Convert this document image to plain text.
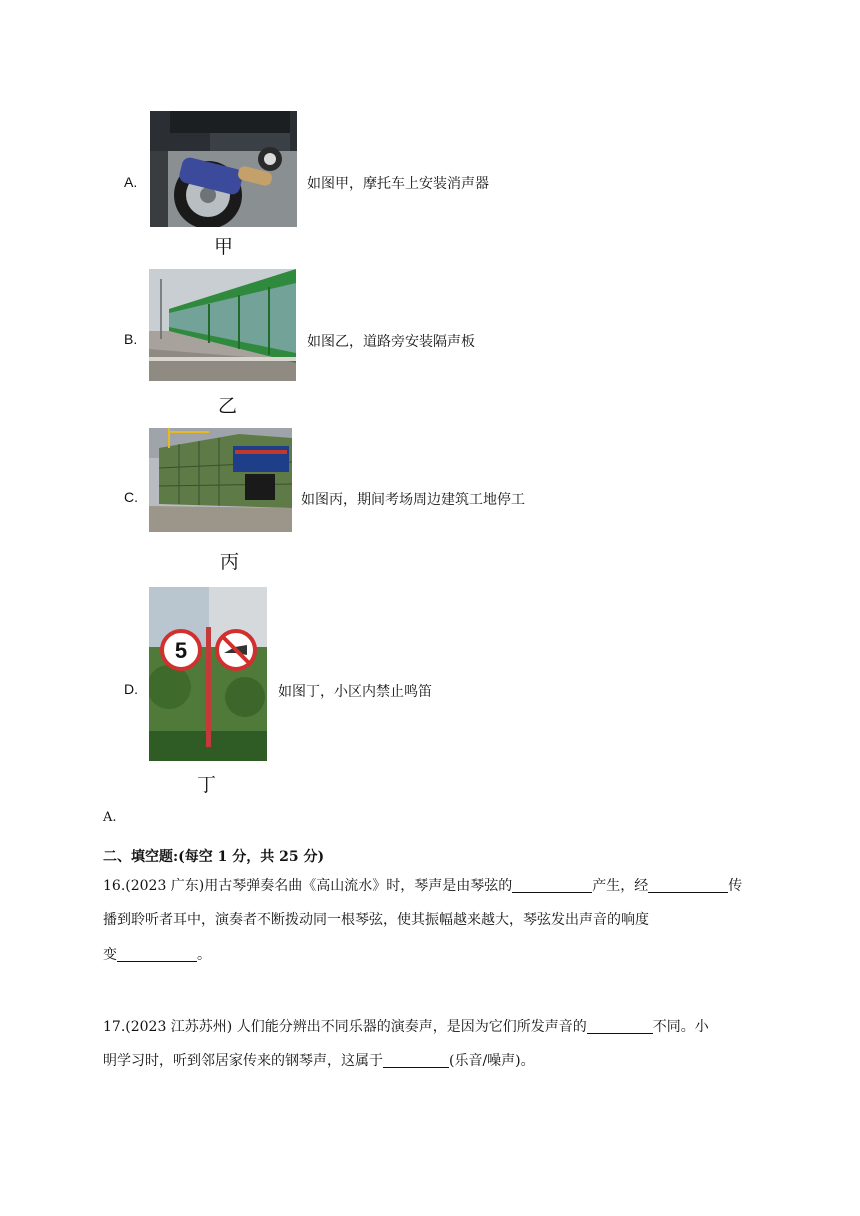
A.	如图甲，摩托车上安装消声器
甲
B.	如图乙，道路旁安装隔声板
乙
C.	如图丙，期间考场周边建筑工地停工
丙
D.
5
如图丁，小区内禁止鸣笛
丁
A.
二、填空题:(每空 1 分，共 25 分)
16.(2023 广东)用古琴弹奏名曲《高山流水》时，琴声是由琴弦的	产生，经	传
播到聆听者耳中，演奏者不断拨动同一根琴弦，使其振幅越来越大，琴弦发出声音的响度
变	。
17.(2023 江苏苏州) 人们能分辨出不同乐器的演奏声，是因为它们所发声音的	不同。小
明学习时，听到邻居家传来的钢琴声，这属于	(乐音/噪声)。
